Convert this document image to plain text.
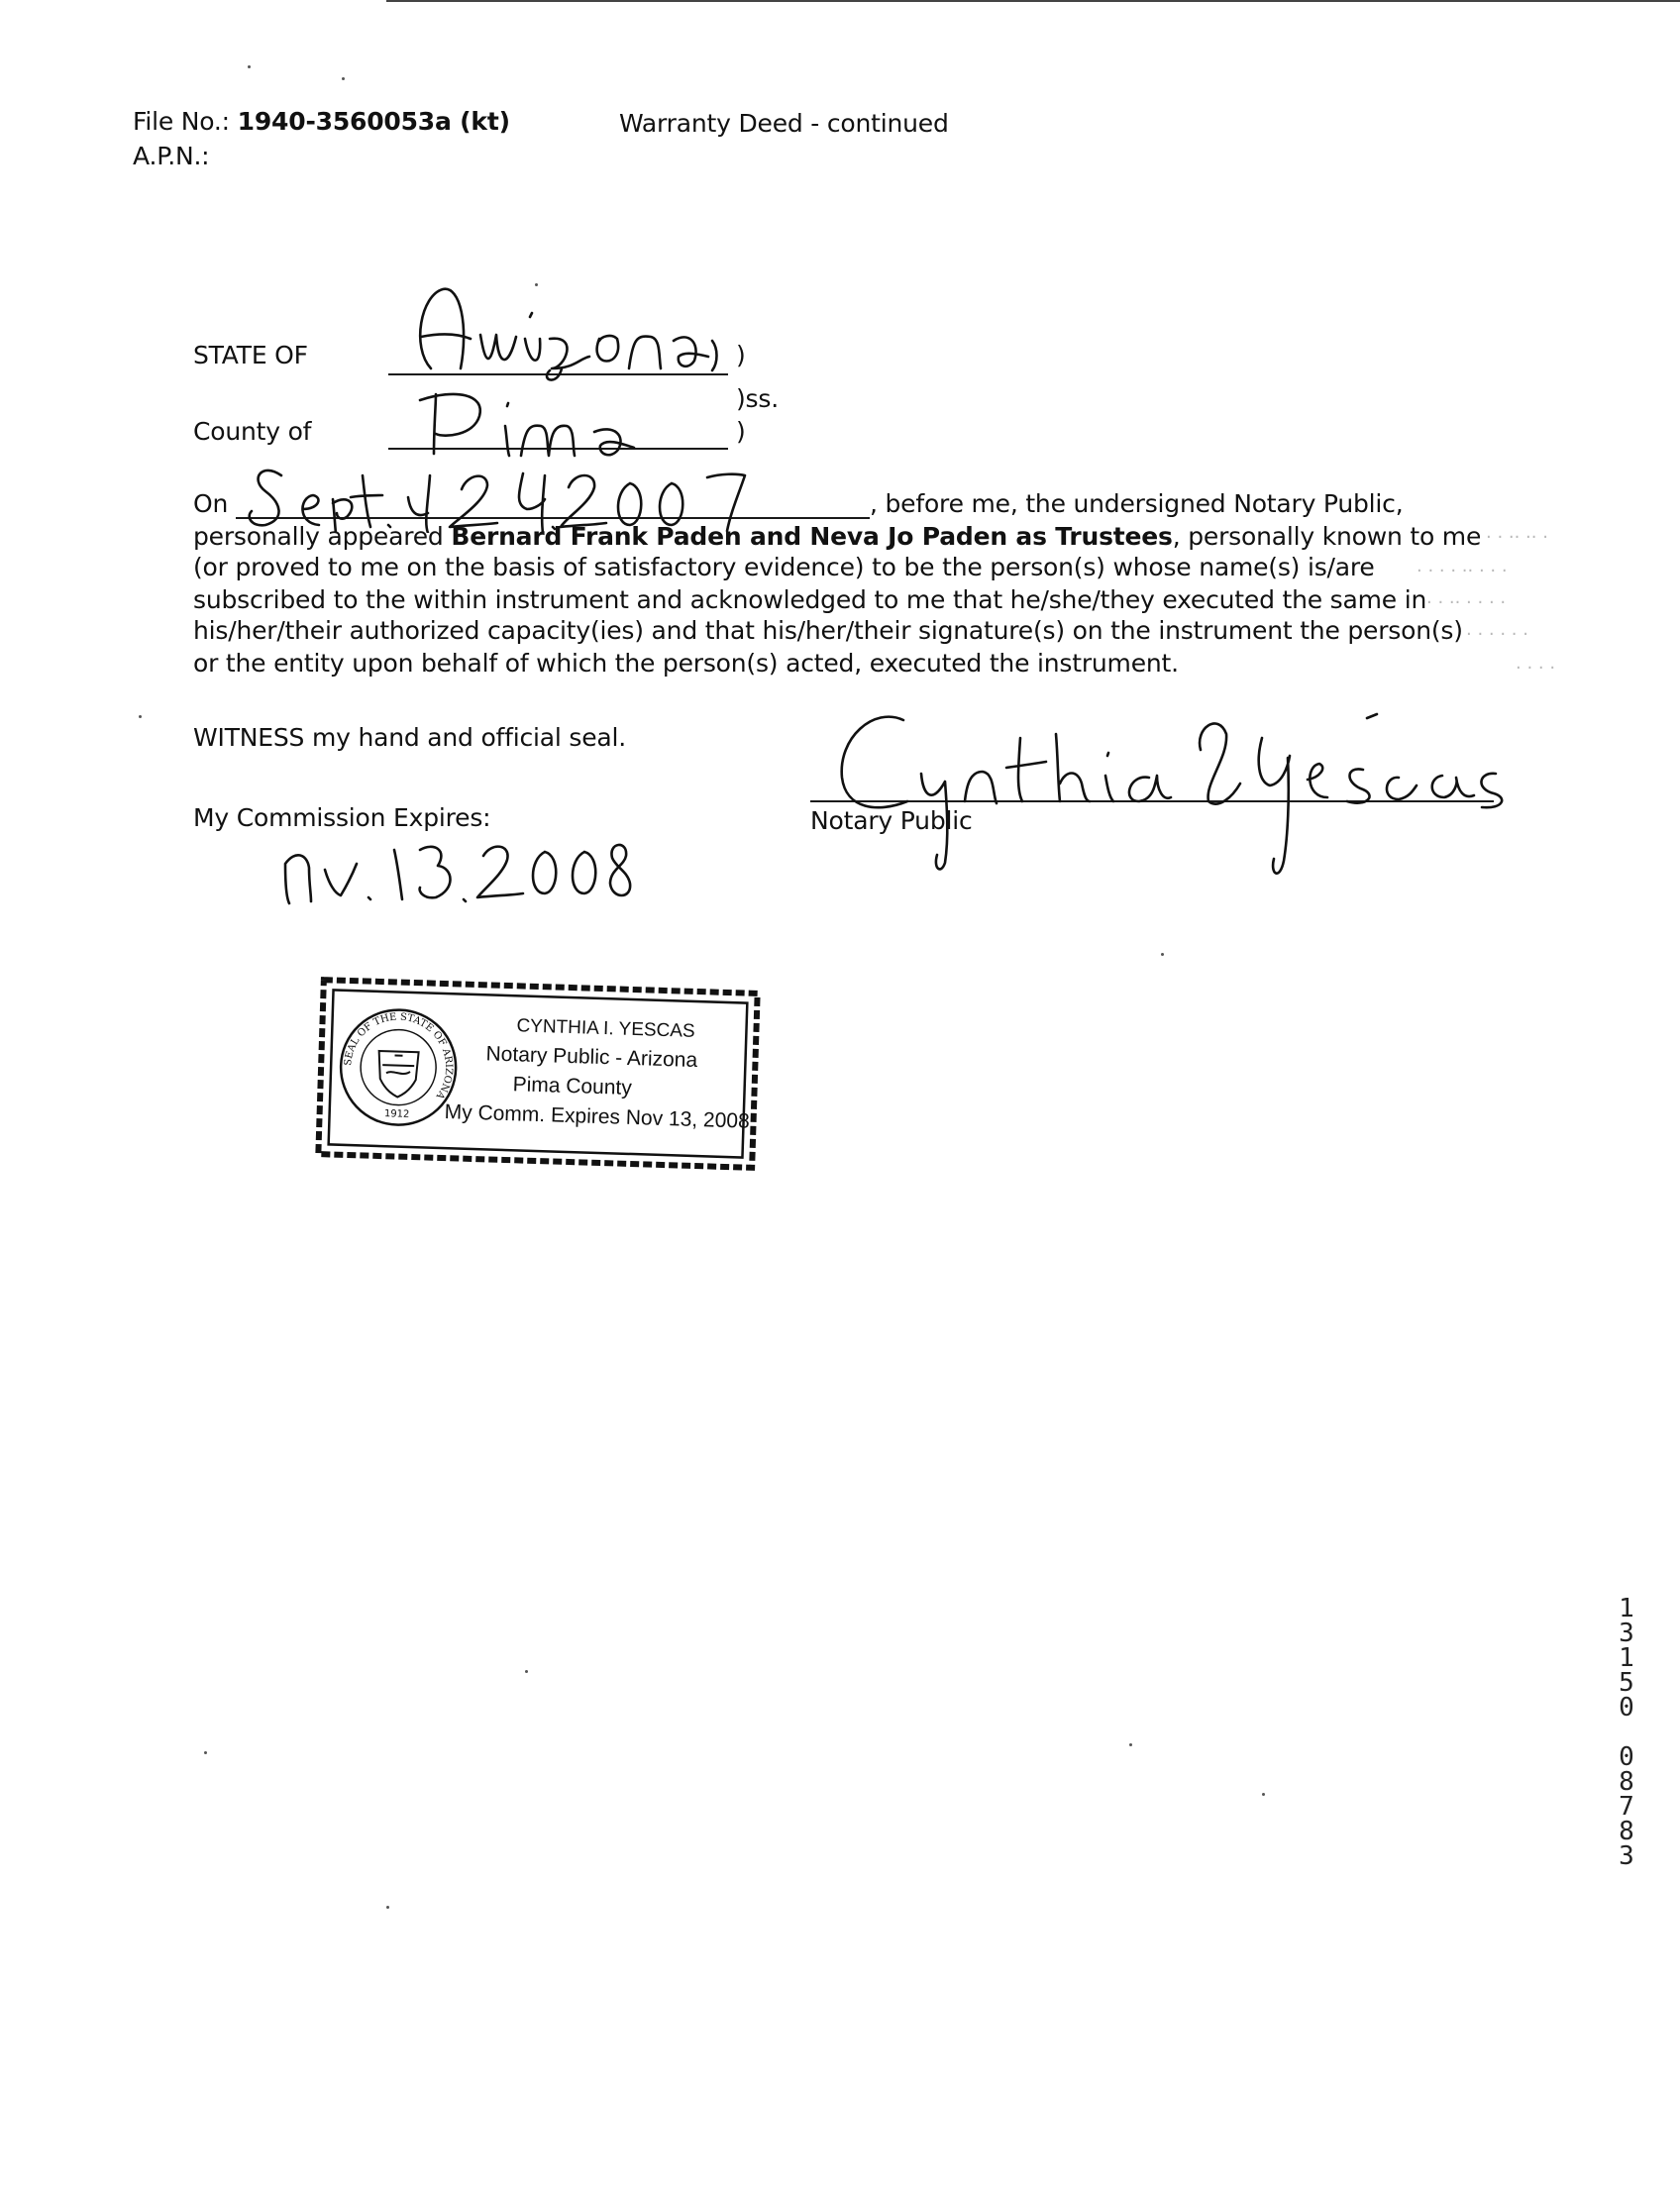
File No.: 1940-3560053a (kt)	Warranty Deed - continued
A.P.N.:
STATE OF	)
)ss.
County of	)
On	, before me, the undersigned Notary Public,
personally appeared Bernard Frank Paden and Neva Jo Paden as Trustees, personally known to me
(or proved to me on the basis of satisfactory evidence) to be the person(s) whose name(s) is/are
subscribed to the within instrument and acknowledged to me that he/she/they executed the same in
his/her/their authorized capacity(ies) and that his/her/their signature(s) on the instrument the person(s)
or the entity upon behalf of which the person(s) acted, executed the instrument.
· · ·· ·· ·
· · · · ·· · · ·
· · ·· · · · ·
· · · · · ·
· · · ·
WITNESS my hand and official seal.
My Commission Expires:	Notary Public
SEAL OF THE STATE OF ARIZONA
1912
CYNTHIA I. YESCAS
Notary Public - Arizona
Pima County
My Comm. Expires Nov 13, 2008
1
3
1
5
0
0
8
7
8
3
